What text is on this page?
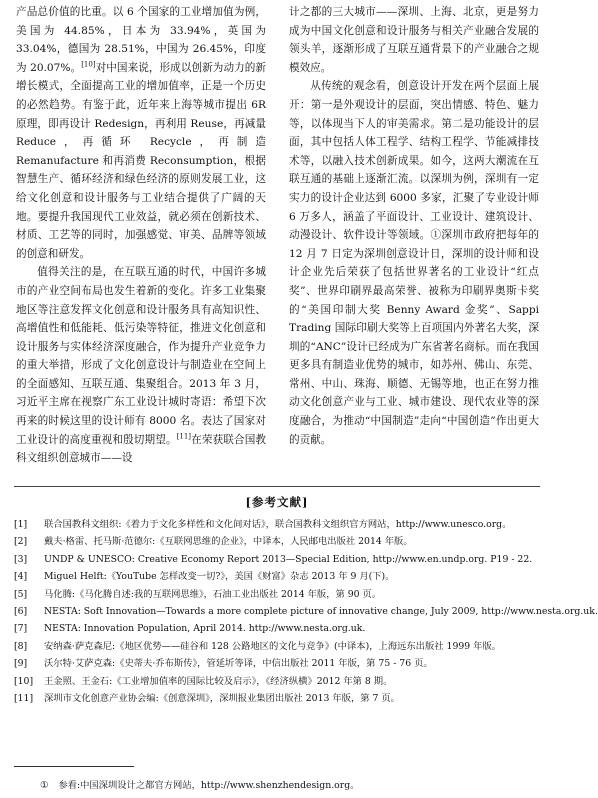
产品总价值的比重。以 6 个国家的工业增加值为例，美国为 44.85%，日本为 33.94%，英国为 33.04%，德国为 28.51%，中国为 26.45%，印度为 20.07%。[10]对中国来说，形成以创新为动力的新增长模式，全面提高工业的增加值率，正是一个历史的必然趋势。有鉴于此，近年来上海等城市提出 6R 原理，即再设计 Redesign，再利用 Reuse，再减量 Reduce，再循环 Recycle，再制造 Remanufacture 和再消费 Reconsumption，根据智慧生产、循环经济和绿色经济的原则发展工业，这给文化创意和设计服务与工业结合提供了广阔的天地。要提升我国现代工业效益，就必须在创新技术、材质、工艺等的同时，加强感觉、审美、品牌等领域的创意和研发。

值得关注的是，在互联互通的时代，中国许多城市的产业空间布局也发生着新的变化。许多工业集聚地区等注意发挥文化创意和设计服务具有高知识性、高增值性和低能耗、低污染等特征，推进文化创意和设计服务与实体经济深度融合，作为提升产业竞争力的重大举措，形成了文化创意设计与制造业在空间上的全面感知、互联互通、集聚组合。2013 年 3 月，习近平主席在视察广东工业设计城时寄语：希望下次再来的时候这里的设计师有 8000 名。表达了国家对工业设计的高度重视和殷切期望。[11]在荣获联合国教科文组织创意城市——设

计之都的三大城市——深圳、上海、北京，更是努力成为中国文化创意和设计服务与相关产业融合发展的领头羊，逐渐形成了互联互通背景下的产业融合之规模效应。

从传统的观念看，创意设计开发在两个层面上展开：第一是外观设计的层面，突出情感、特色、魅力等，以体现当下人的审美需求。第二是功能设计的层面，其中包括人体工程学、结构工程学、节能减排技术等，以融入技术创新成果。如今，这两大潮流在互联互通的基础上逐渐汇流。以深圳为例，深圳有一定实力的设计企业达到 6000 多家，汇聚了专业设计师 6 万多人，涵盖了平面设计、工业设计、建筑设计、动漫设计、软件设计等领域。①深圳市政府把每年的 12 月 7 日定为深圳创意设计日，深圳的设计师和设计企业先后荣获了包括世界著名的工业设计“红点奖”、世界印刷界最高荣誉、被称为印刷界奥斯卡奖的“美国印制大奖 Benny Award 金奖”、Sappi Trading 国际印刷大奖等上百项国内外著名大奖，深圳的“ANC”设计已经成为广东省著名商标。而在我国更多具有制造业优势的城市，如苏州、佛山、东莞、常州、中山、珠海、顺德、无锡等地，也正在努力推动文化创意产业与工业、城市建设、现代农业等的深度融合，为推动“中国制造”走向“中国创造”作出更大的贡献。

[参考文献]
[1]	联合国教科文组织:《着力于文化多样性和文化间对话》，联合国教科文组织官方网站，http://www.unesco.org。
[2]	戴夫·格雷、托马斯·范德尔:《互联网思维的企业》，中译本，人民邮电出版社 2014 年版。
[3]	UNDP & UNESCO: Creative Economy Report 2013—Special Edition, http://www.en.undp.org. P19 - 22.
[4]	Miguel Helft:《YouTube 怎样改变一切?》，美国《财富》杂志 2013 年 9 月(下)。
[5]	马化腾:《马化腾自述:我的互联网思维》，石油工业出版社 2014 年版，第 90 页。
[6]	NESTA: Soft Innovation—Towards a more complete picture of innovative change, July 2009, http://www.nesta.org.uk.
[7]	NESTA: Innovation Population, April 2014. http://www.nesta.org.uk.
[8]	安纳森·萨克森尼:《地区优势——硅谷和 128 公路地区的文化与竞争》(中译本)，上海远东出版社 1999 年版。
[9]	沃尔特·艾萨克森:《史蒂夫·乔布斯传》，管延圻等译，中信出版社 2011 年版，第 75 - 76 页。
[10]	王金照、王金石:《工业增加值率的国际比较及启示》，《经济纵横》2012 年第 8 期。
[11]	深圳市文化创意产业协会编:《创意深圳》，深圳报业集团出版社 2013 年版，第 7 页。
① 参看:中国深圳设计之都官方网站，http://www.shenzhendesign.org。
